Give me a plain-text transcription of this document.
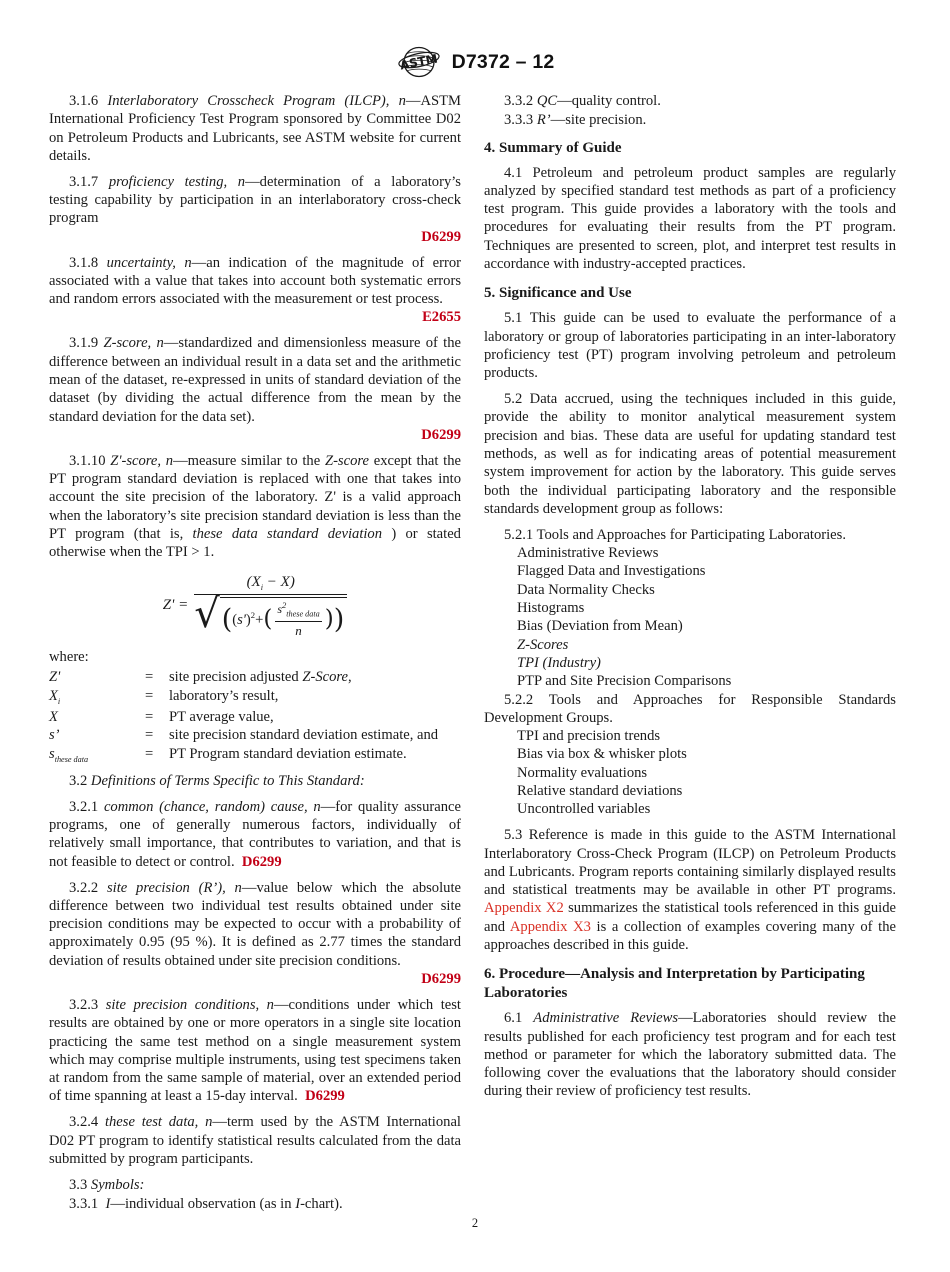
ASTM D7372 – 12

3.1.6 Interlaboratory Crosscheck Program (ILCP), n—ASTM International Proficiency Test Program sponsored by Committee D02 on Petroleum Products and Lubricants, see ASTM website for current details.

3.1.7 proficiency testing, n—determination of a laboratory’s testing capability by participation in an interlaboratory cross-check program
D6299

3.1.8 uncertainty, n—an indication of the magnitude of error associated with a value that takes into account both systematic errors and random errors associated with the measurement or test process.
E2655

3.1.9 Z-score, n—standardized and dimensionless measure of the difference between an individual result in a data set and the arithmetic mean of the dataset, re-expressed in units of standard deviation of the dataset (by dividing the actual difference from the mean by the standard deviation for the data set).
D6299

3.1.10 Z'-score, n—measure similar to the Z-score except that the PT program standard deviation is replaced with one that takes into account the site precision of the laboratory. Z' is a valid approach when the laboratory’s site precision standard deviation is less than the PT program (that is, these data standard deviation ) or stated otherwise when the TPI > 1.

Z' =
$(X_i - X)$
√ ( $(s')^2+$ ( $\frac{s^2_{these data}}{n}$ ) )

where:

Z'	=	site precision adjusted Z-Score,
$X_i$	=	laboratory’s result,
X	=	PT average value,
s’	=	site precision standard deviation estimate, and
$s_{these data}$	=	PT Program standard deviation estimate.

3.2 Definitions of Terms Specific to This Standard:

3.2.1 common (chance, random) cause, n—for quality assurance programs, one of generally numerous factors, individually of relatively small importance, that contributes to variation, and that is not feasible to detect or control. D6299

3.2.2 site precision (R’), n—value below which the absolute difference between two individual test results obtained under site precision conditions may be expected to occur with a probability of approximately 0.95 (95 %). It is defined as 2.77 times the standard deviation of results obtained under site precision conditions.
D6299

3.2.3 site precision conditions, n—conditions under which test results are obtained by one or more operators in a single site location practicing the same test method on a single measurement system which may comprise multiple instruments, using test specimens taken at random from the same sample of material, over an extended period of time spanning at least a 15-day interval. D6299

3.2.4 these test data, n—term used by the ASTM International D02 PT program to identify statistical results calculated from the data submitted by program participants.

3.3 Symbols:

3.3.1 I—individual observation (as in I-chart).

3.3.2 QC—quality control.

3.3.3 R’—site precision.

4. Summary of Guide

4.1 Petroleum and petroleum product samples are regularly analyzed by specified standard test methods as part of a proficiency test program. This guide provides a laboratory with the tools and procedures for evaluating their results from the PT program. Techniques are presented to screen, plot, and interpret test results in accordance with industry-accepted practices.

5. Significance and Use

5.1 This guide can be used to evaluate the performance of a laboratory or group of laboratories participating in an inter-laboratory proficiency test (PT) program involving petroleum and petroleum products.

5.2 Data accrued, using the techniques included in this guide, provide the ability to monitor analytical measurement system precision and bias. These data are useful for updating standard test methods, as well as for indicating areas of potential measurement system improvement for action by the laboratory. This guide serves both the individual participating laboratory and the responsible standards development group as follows:

5.2.1 Tools and Approaches for Participating Laboratories.

Administrative Reviews
Flagged Data and Investigations
Data Normality Checks
Histograms
Bias (Deviation from Mean)
Z-Scores
TPI (Industry)
PTP and Site Precision Comparisons

5.2.2 Tools and Approaches for Responsible Standards Development Groups.

TPI and precision trends
Bias via box & whisker plots
Normality evaluations
Relative standard deviations
Uncontrolled variables

5.3 Reference is made in this guide to the ASTM International Interlaboratory Cross-Check Program (ILCP) on Petroleum Products and Lubricants. Program reports containing similarly displayed results and statistical treatments may be available in other PT programs. Appendix X2 summarizes the statistical tools referenced in this guide and Appendix X3 is a collection of examples covering many of the approaches described in this guide.

6. Procedure—Analysis and Interpretation by Participating Laboratories

6.1 Administrative Reviews—Laboratories should review the results published for each proficiency test program and for each test method or parameter for which the laboratory submitted data. The following cover the evaluations that the laboratory should consider during their review of proficiency test results.

2
